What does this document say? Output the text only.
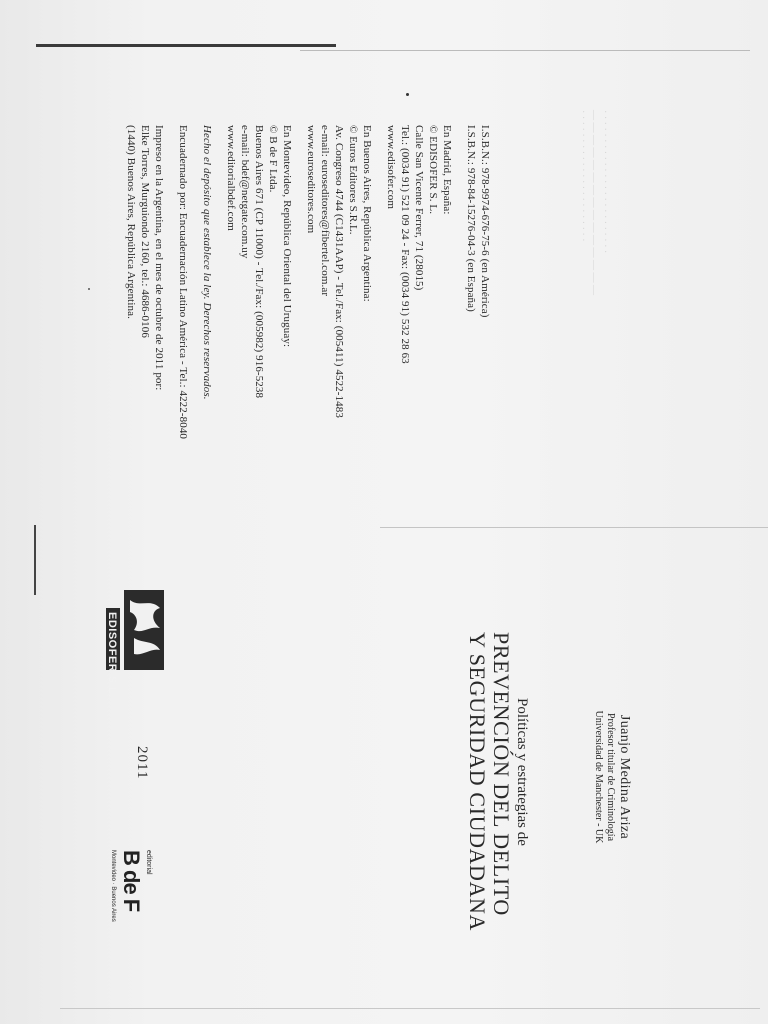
· · · · · · · · · · · · · · · · · · · · · · · · ·
— — — — — — — — — — — — — — —
· · · · · · · · · · · · · · · · · · · · · · ·
I.S.B.N.: 978-9974-676-75-6 (en América)
I.S.B.N.: 978-84-15276-04-3 (en España)
En Madrid, España:
© EDISOFER S. L.
Calle San Vicente Ferrer, 71 (28015)
Tel.: (0034 91) 521 09 24 - Fax: (0034 91) 532 28 63
www.edisofer.com
En Buenos Aires, República Argentina:
© Euros Editores S.R.L.
Av. Congreso 4744 (C1431AAP) - Tel./Fax: (005411) 4522-1483
e-mail: euroseditores@fibertel.com.ar
www.euroseditores.com
En Montevideo, República Oriental del Uruguay:
© B de F Ltda.
Buenos Aires 671 (CP 11000) - Tel./Fax: (005982) 916-5238
e-mail: bdef@netgate.com.uy
www.editorialbdef.com
Hecho el depósito que establece la ley. Derechos reservados.
Encuadernado por: Encuadernación Latino América - Tel.: 4222-8040
Impreso en la Argentina, en el mes de octubre de 2011 por:
Elke Torres, Murguiondo 2160, tel.: 4686-0106
(1440) Buenos Aires, República Argentina.
Juanjo Medina Ariza
Profesor titular de Criminología
Universidad de Manchester - UK
Políticas y estrategias de
PREVENCIÓN DEL DELITO
Y SEGURIDAD CIUDADANA
EDISOFER S.L.
2011
editorial
B de F
Montevideo · Buenos Aires
